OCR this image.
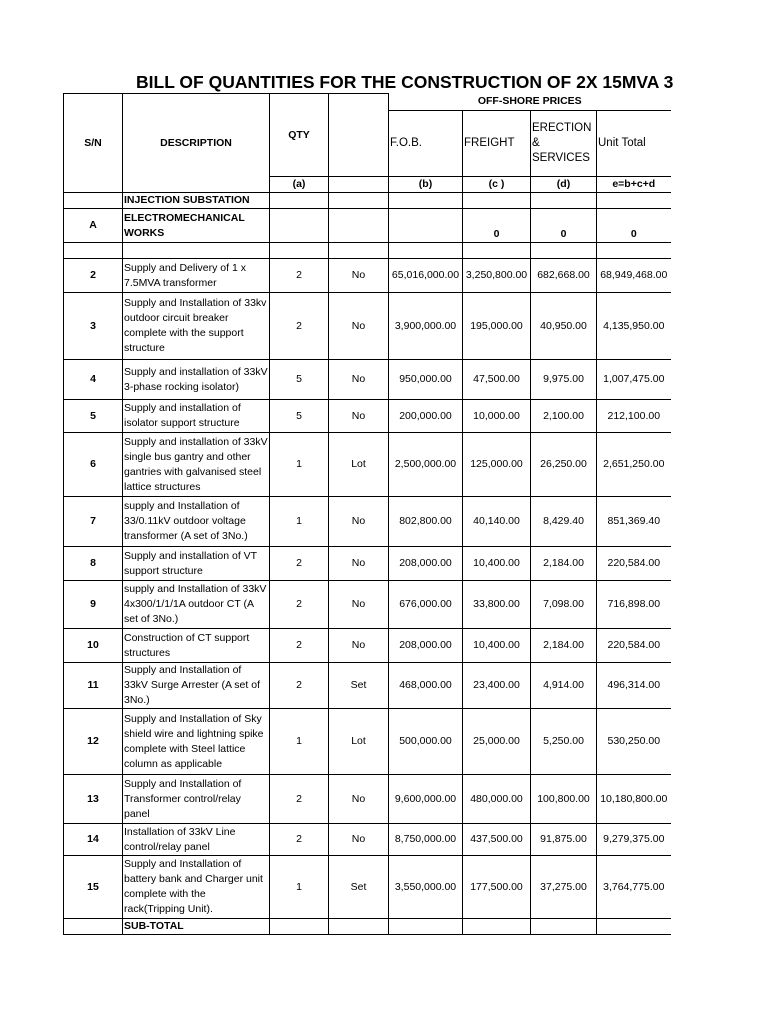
BILL OF QUANTITIES FOR THE CONSTRUCTION OF 2X 15MVA 3
S/N	DESCRIPTION	QTY		OFF-SHORE PRICES			
				F.O.B.	FREIGHT	ERECTION & SERVICES	Unit Total
		(a)		(b)	(c )	(d)	e=b+c+d
	INJECTION SUBSTATION						
A	ELECTROMECHANICAL WORKS				0	0	0

2	Supply and Delivery of 1 x 7.5MVA transformer	2	No	65,016,000.00	3,250,800.00	682,668.00	68,949,468.00
3	Supply and Installation of 33kv outdoor circuit breaker complete with the support structure	2	No	3,900,000.00	195,000.00	40,950.00	4,135,950.00
4	Supply and installation of 33kV 3-phase rocking isolator)	5	No	950,000.00	47,500.00	9,975.00	1,007,475.00
5	Supply and installation of isolator support structure	5	No	200,000.00	10,000.00	2,100.00	212,100.00
6	Supply and installation of 33kV single bus gantry and other gantries with galvanised steel lattice structures	1	Lot	2,500,000.00	125,000.00	26,250.00	2,651,250.00
7	supply and Installation of 33/0.11kV outdoor voltage transformer (A set of 3No.)	1	No	802,800.00	40,140.00	8,429.40	851,369.40
8	Supply and installation of VT support structure	2	No	208,000.00	10,400.00	2,184.00	220,584.00
9	supply and Installation of 33kV 4x300/1/1/1A outdoor CT (A set of 3No.)	2	No	676,000.00	33,800.00	7,098.00	716,898.00
10	Construction of CT support structures	2	No	208,000.00	10,400.00	2,184.00	220,584.00
11	Supply and Installation of 33kV Surge Arrester (A set of 3No.)	2	Set	468,000.00	23,400.00	4,914.00	496,314.00
12	Supply and Installation of Sky shield wire and lightning spike complete with Steel lattice column as applicable	1	Lot	500,000.00	25,000.00	5,250.00	530,250.00
13	Supply and Installation of Transformer control/relay panel	2	No	9,600,000.00	480,000.00	100,800.00	10,180,800.00
14	Installation of 33kV Line control/relay panel	2	No	8,750,000.00	437,500.00	91,875.00	9,279,375.00
15	Supply and Installation of battery bank and Charger unit complete with the rack(Tripping Unit).	1	Set	3,550,000.00	177,500.00	37,275.00	3,764,775.00
	SUB-TOTAL						
